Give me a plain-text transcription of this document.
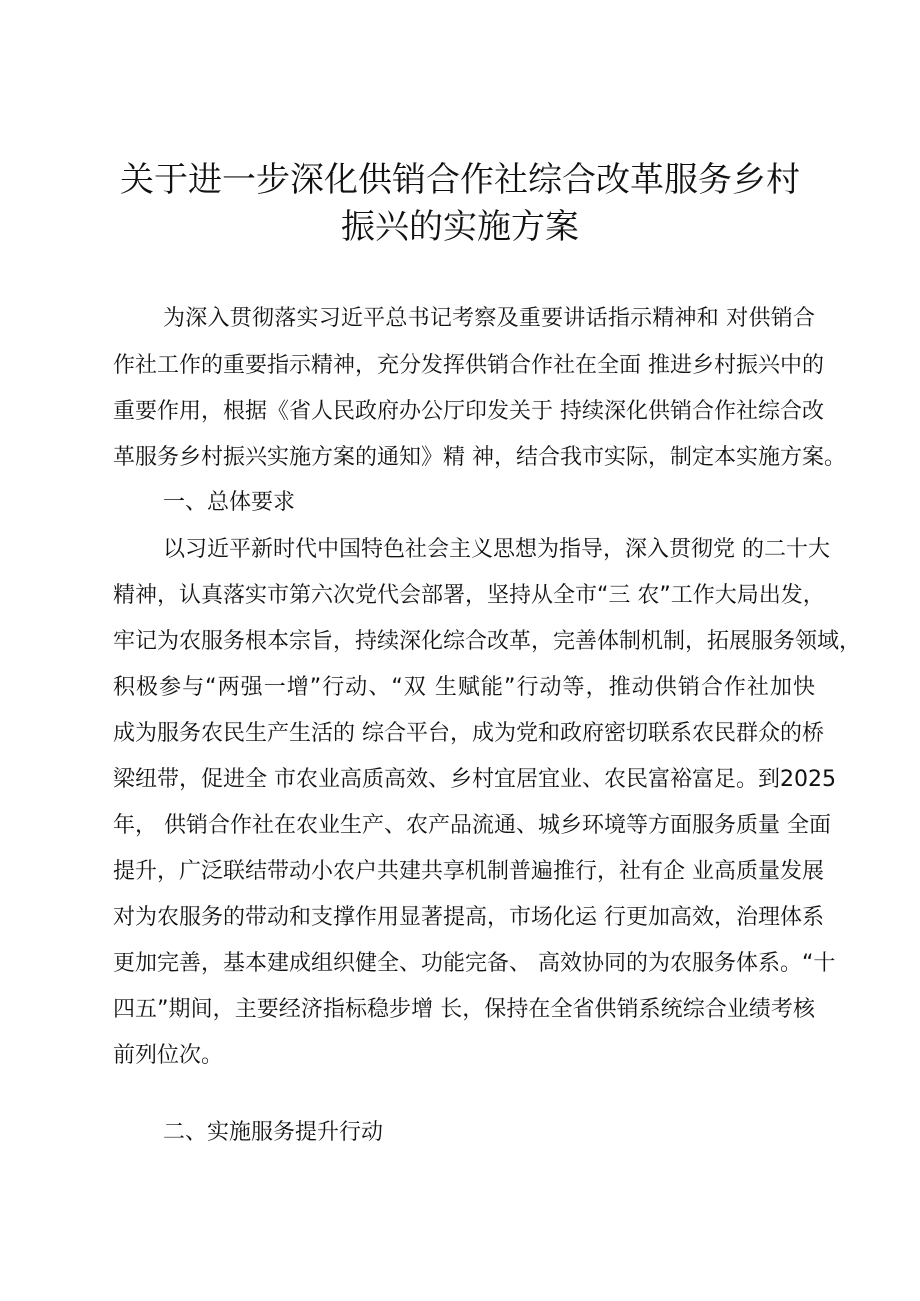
关于进一步深化供销合作社综合改革服务乡村
振兴的实施方案
为深入贯彻落实习近平总书记考察及重要讲话指示精神和 对供销合
作社工作的重要指示精神，充分发挥供销合作社在全面 推进乡村振兴中的
重要作用，根据《省人民政府办公厅印发关于 持续深化供销合作社综合改
革服务乡村振兴实施方案的通知》精 神，结合我市实际，制定本实施方案。
一、总体要求
以习近平新时代中国特色社会主义思想为指导，深入贯彻党 的二十大
精神，认真落实市第六次党代会部署，坚持从全市“三 农”工作大局出发，
牢记为农服务根本宗旨，持续深化综合改革，完善体制机制，拓展服务领域，
积极参与“两强一增”行动、“双 生赋能”行动等，推动供销合作社加快
成为服务农民生产生活的 综合平台，成为党和政府密切联系农民群众的桥
梁纽带，促进全 市农业高质高效、乡村宜居宜业、农民富裕富足。到2025
年， 供销合作社在农业生产、农产品流通、城乡环境等方面服务质量 全面
提升，广泛联结带动小农户共建共享机制普遍推行，社有企 业高质量发展
对为农服务的带动和支撑作用显著提高，市场化运 行更加高效，治理体系
更加完善，基本建成组织健全、功能完备、 高效协同的为农服务体系。“十
四五”期间，主要经济指标稳步增 长，保持在全省供销系统综合业绩考核
前列位次。
二、实施服务提升行动
